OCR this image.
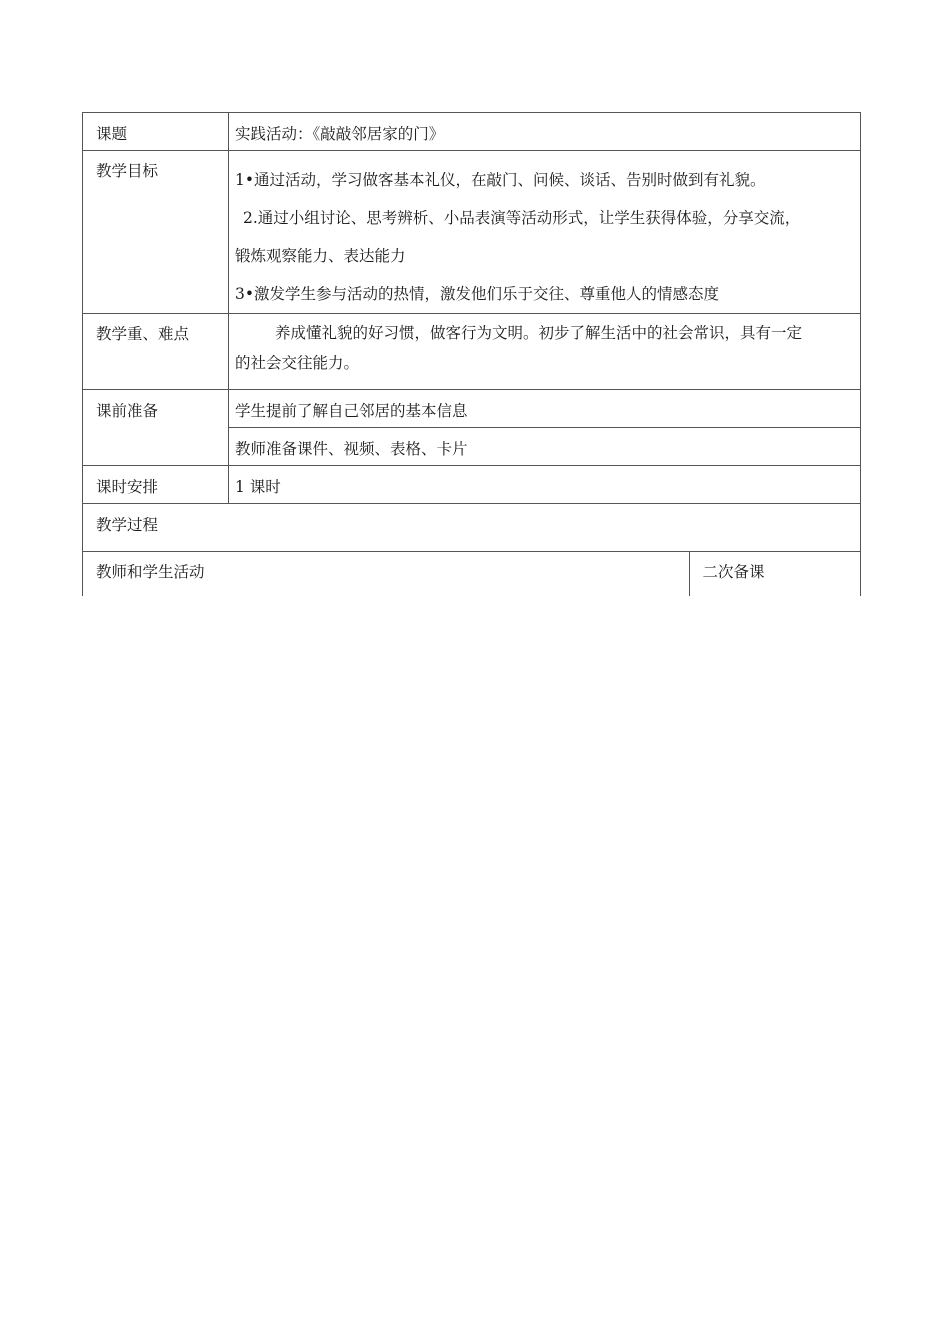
课题	实践活动：《敲敲邻居家的门》
教学目标	1•通过活动，学习做客基本礼仪，在敲门、问候、谈话、告别时做到有礼貌。
2.通过小组讨论、思考辨析、小品表演等活动形式，让学生获得体验，分享交流，
锻炼观察能力、表达能力
3•激发学生参与活动的热情，激发他们乐于交往、尊重他人的情感态度

教学重、难点	养成懂礼貌的好习惯，做客行为文明。初步了解生活中的社会常识，具有一定
的社会交往能力。

课前准备	学生提前了解自己邻居的基本信息
教师准备课件、视频、表格、卡片
课时安排	1 课时
教学过程

教师和学生活动	二次备课
